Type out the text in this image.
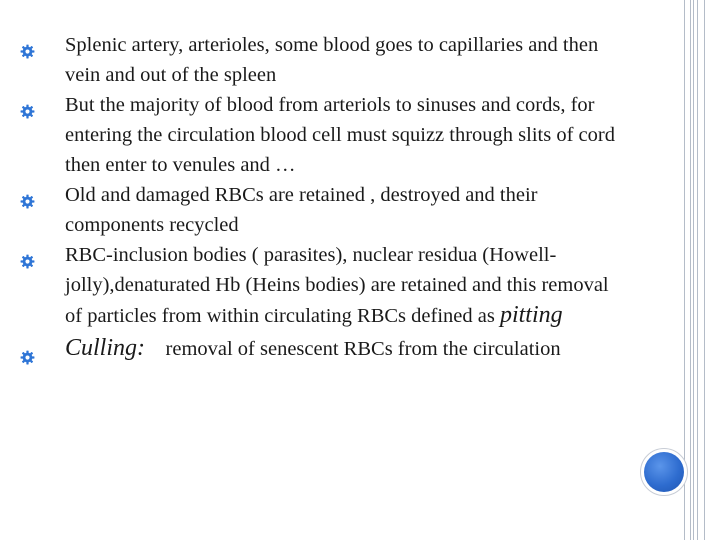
Splenic artery, arterioles, some blood goes to capillaries and then vein and out of the spleen

But the majority of blood from arteriols to sinuses and cords, for entering the circulation blood cell must squizz through slits of cord then enter to venules and …

Old and damaged RBCs are retained , destroyed and their components recycled

RBC-inclusion bodies ( parasites), nuclear residua (Howell-jolly),denaturated Hb (Heins bodies) are retained and this removal of particles from within circulating RBCs defined as pitting

Culling: removal of senescent RBCs from the circulation
